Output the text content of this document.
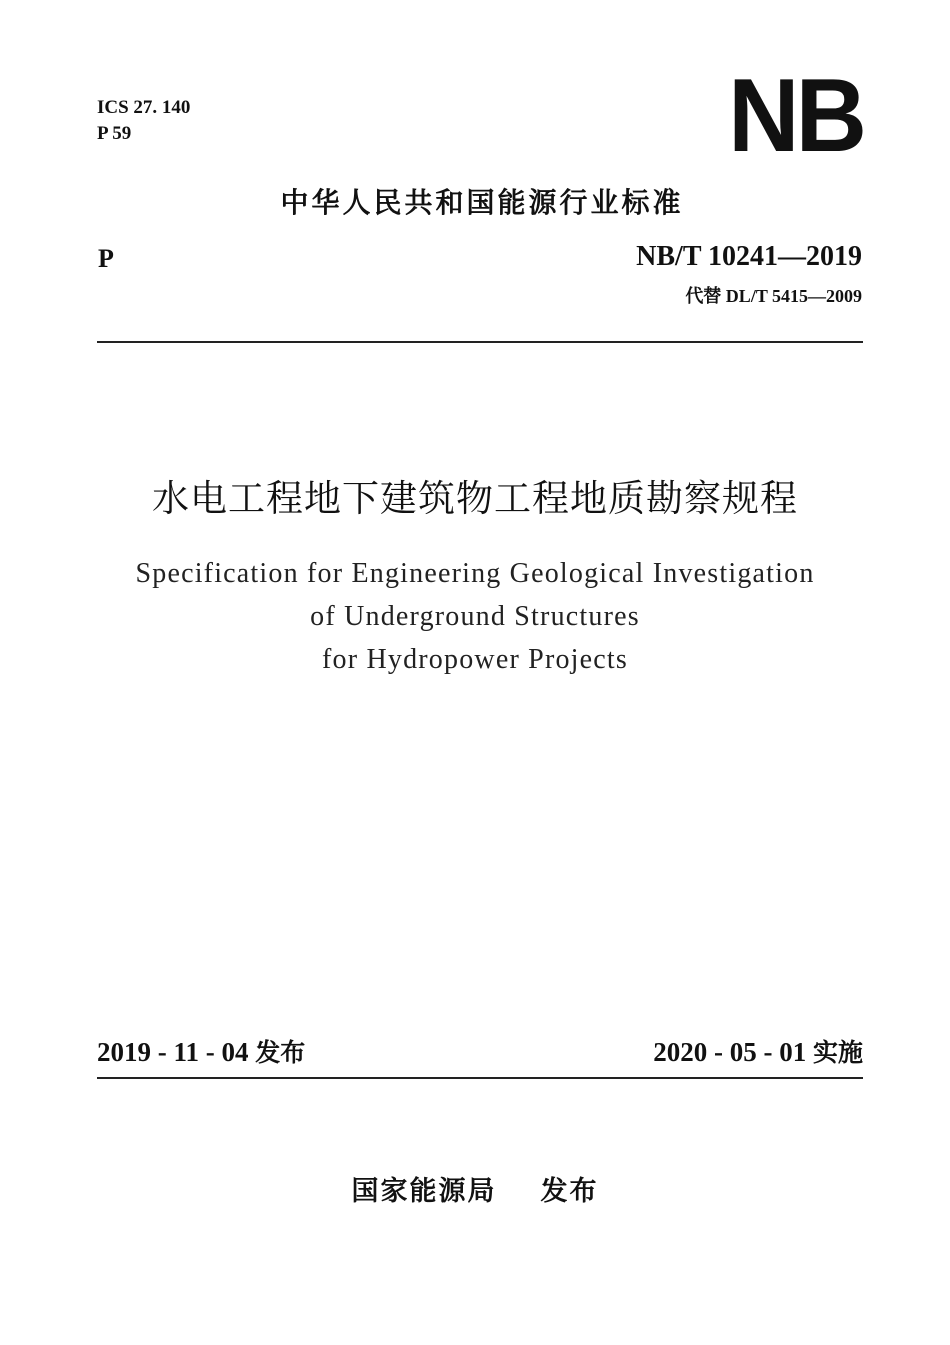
ICS 27. 140
P 59	NB
中华人民共和国能源行业标准
P	NB/T 10241—2019
代替 DL/T 5415—2009
水电工程地下建筑物工程地质勘察规程
Specification for Engineering Geological Investigation
of Underground Structures
for Hydropower Projects
2019 - 11 - 04 发布	2020 - 05 - 01 实施
国家能源局 发布
